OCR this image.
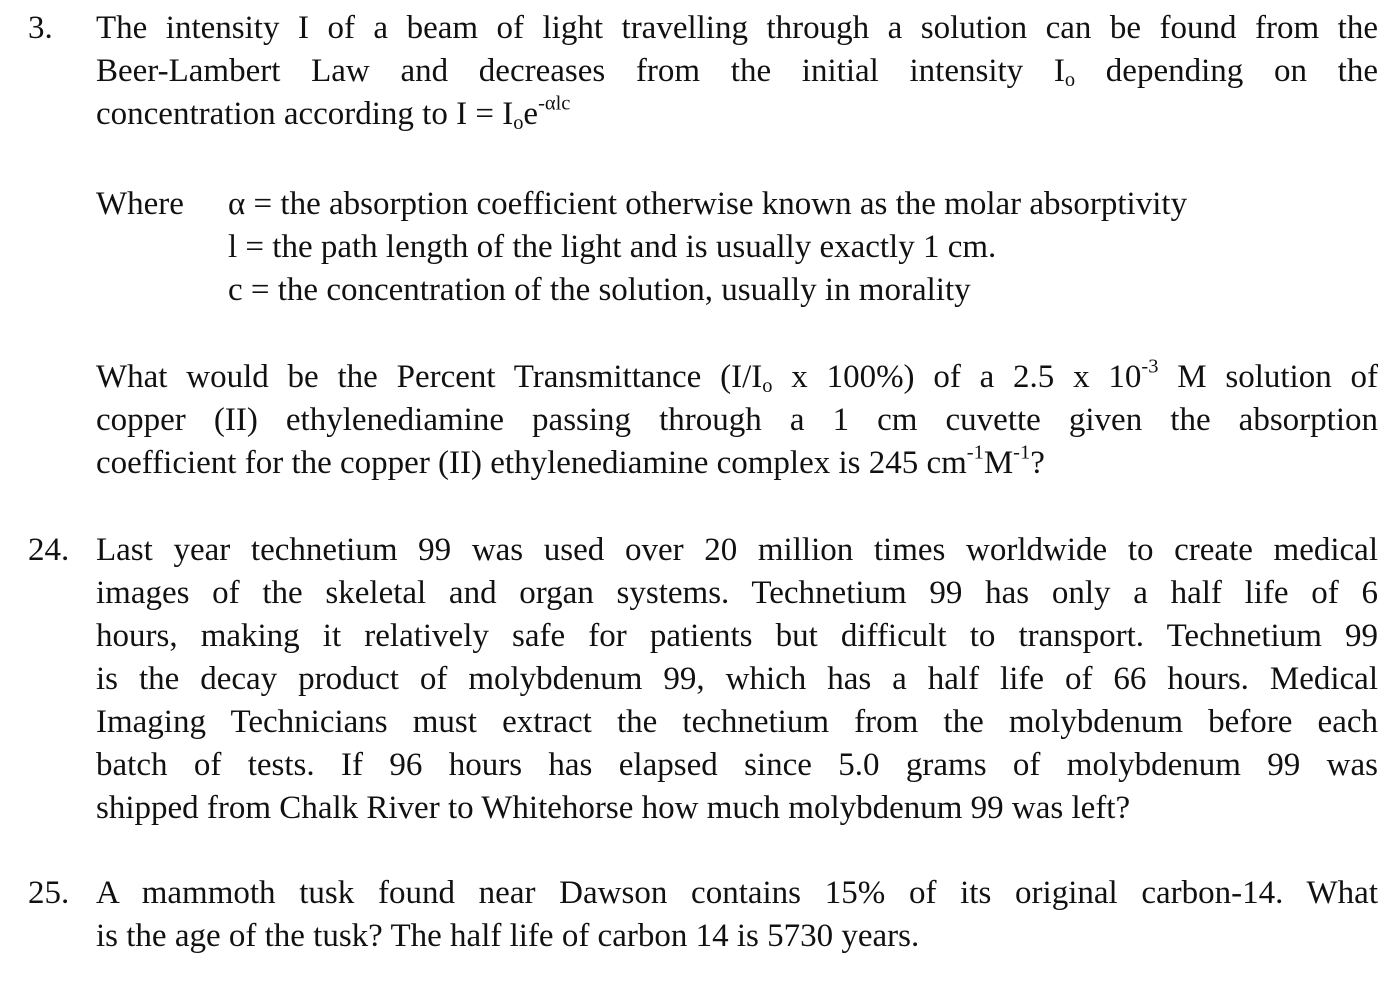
3. The intensity I of a beam of light travelling through a solution can be found from the
Beer-Lambert Law and decreases from the initial intensity $I_o$ depending on the
concentration according to $I = I_oe^{-\alpha lc}$
Where α = the absorption coefficient otherwise known as the molar absorptivity
l = the path length of the light and is usually exactly 1 cm.
c = the concentration of the solution, usually in morality
What would be the Percent Transmittance ($I/I_o$ x 100%) of a 2.5 x $10^{-3}$ M solution of
copper (II) ethylenediamine passing through a 1 cm cuvette given the absorption
coefficient for the copper (II) ethylenediamine complex is 245 $cm^{-1}M^{-1}$?
24. Last year technetium 99 was used over 20 million times worldwide to create medical
images of the skeletal and organ systems. Technetium 99 has only a half life of 6
hours, making it relatively safe for patients but difficult to transport. Technetium 99
is the decay product of molybdenum 99, which has a half life of 66 hours. Medical
Imaging Technicians must extract the technetium from the molybdenum before each
batch of tests. If 96 hours has elapsed since 5.0 grams of molybdenum 99 was
shipped from Chalk River to Whitehorse how much molybdenum 99 was left?
25. A mammoth tusk found near Dawson contains 15% of its original carbon-14. What
is the age of the tusk? The half life of carbon 14 is 5730 years.
